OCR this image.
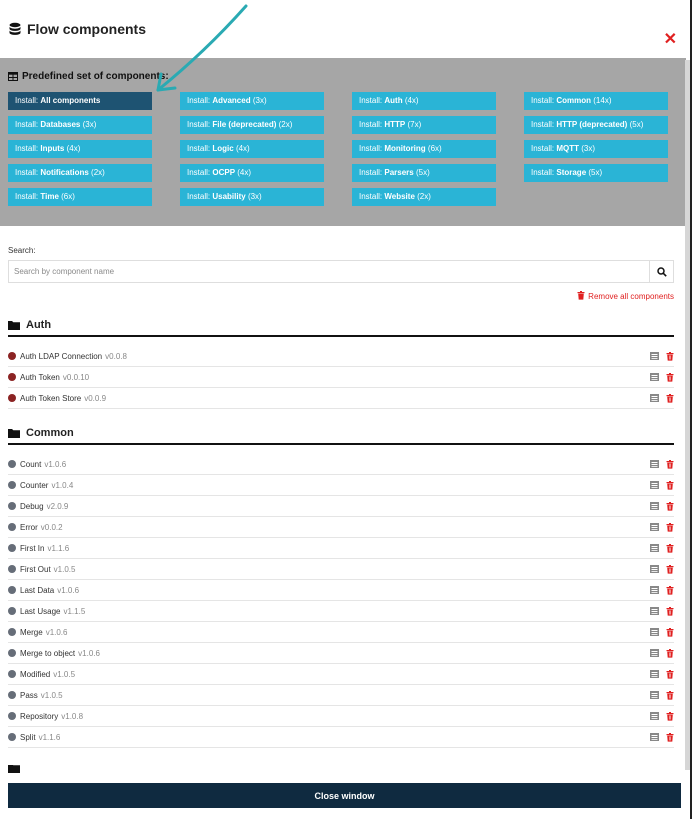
Flow components
✕
Predefined set of components:
Install: All components	Install: Advanced (3x)	Install: Auth (4x)	Install: Common (14x)
Install: Databases (3x)	Install: File (deprecated) (2x)	Install: HTTP (7x)	Install: HTTP (deprecated) (5x)
Install: Inputs (4x)	Install: Logic (4x)	Install: Monitoring (6x)	Install: MQTT (3x)
Install: Notifications (2x)	Install: OCPP (4x)	Install: Parsers (5x)	Install: Storage (5x)
Install: Time (6x)	Install: Usability (3x)	Install: Website (2x)
Search:
Search by component name
Remove all components
Auth
Auth LDAP Connection v0.0.8
Auth Token v0.0.10
Auth Token Store v0.0.9
Common
Count v1.0.6
Counter v1.0.4
Debug v2.0.9
Error v0.0.2
First In v1.1.6
First Out v1.0.5
Last Data v1.0.6
Last Usage v1.1.5
Merge v1.0.6
Merge to object v1.0.6
Modified v1.0.5
Pass v1.0.5
Repository v1.0.8
Split v1.1.6
Close window
